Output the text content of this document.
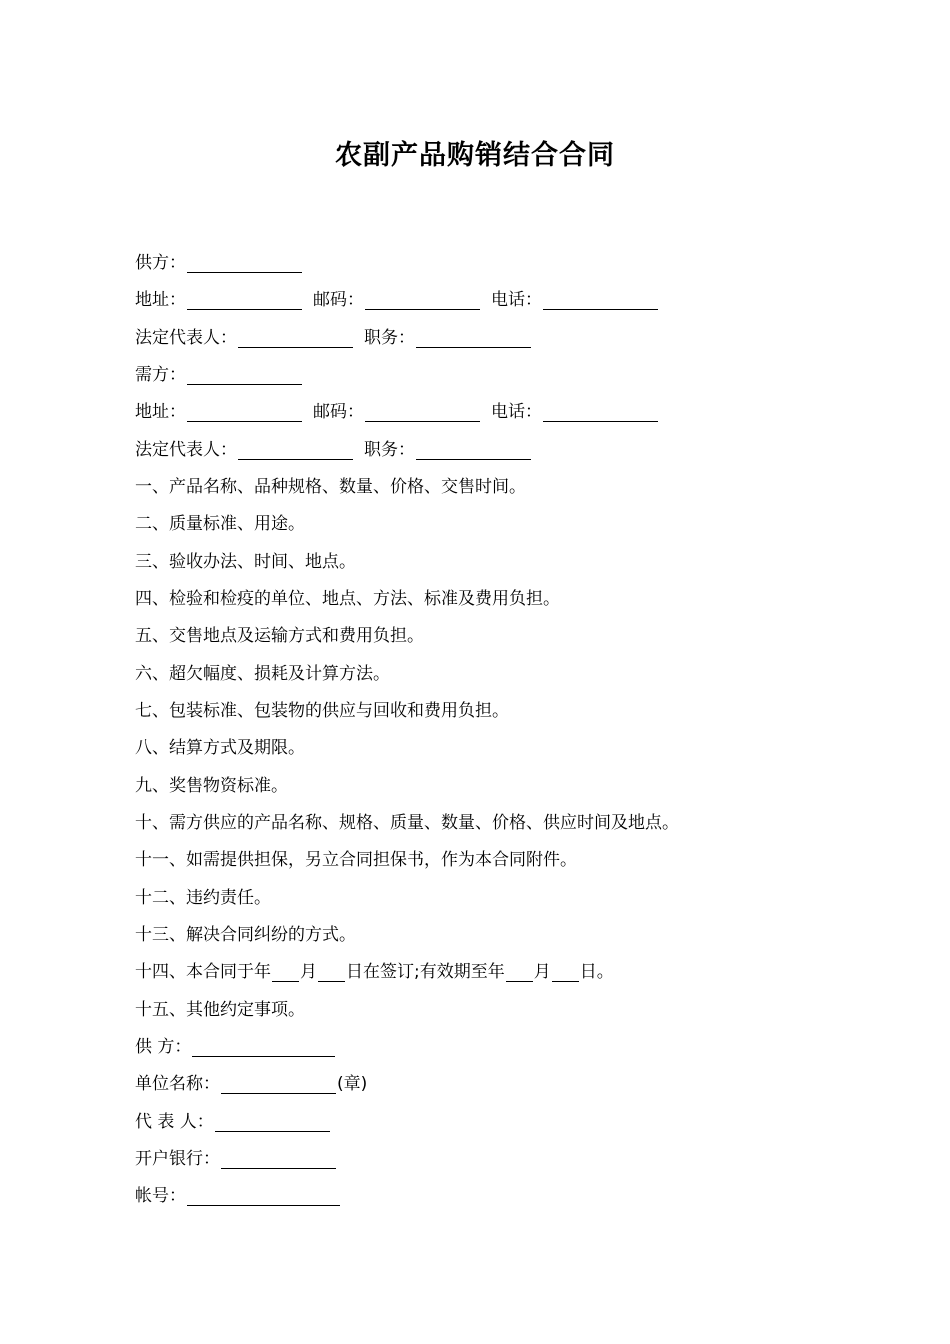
农副产品购销结合合同
供方：
地址：	邮码：	电话：
法定代表人：	职务：
需方：
地址：	邮码：	电话：
法定代表人：	职务：
一、产品名称、品种规格、数量、价格、交售时间。
二、质量标准、用途。
三、验收办法、时间、地点。
四、检验和检疫的单位、地点、方法、标准及费用负担。
五、交售地点及运输方式和费用负担。
六、超欠幅度、损耗及计算方法。
七、包装标准、包装物的供应与回收和费用负担。
八、结算方式及期限。
九、奖售物资标准。
十、需方供应的产品名称、规格、质量、数量、价格、供应时间及地点。
十一、如需提供担保，另立合同担保书，作为本合同附件。
十二、违约责任。
十三、解决合同纠纷的方式。
十四、本合同于年 月 日在签订;有效期至年 月 日。
十五、其他约定事项。
供 方：
单位名称：	(章)
代 表 人：
开户银行：
帐号：
